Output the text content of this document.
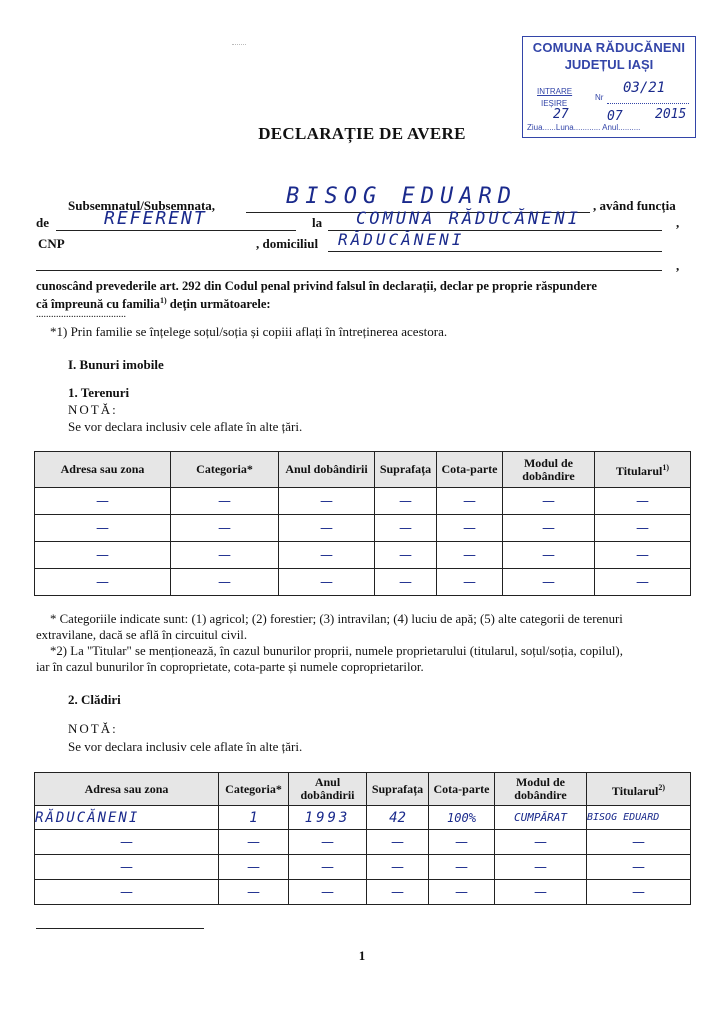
COMUNA RĂDUCĂNENI
JUDEȚUL IAȘI
INTRARE
IEȘIRE
Nr
03/21
Ziua......Luna............ Anul..........
27	07 2015
DECLARAȚIE DE AVERE
Subsemnatul/Subsemnata,	BISOG EDUARD	, având funcția
de	REFERENT	la COMUNA RĂDUCĂNENI	,
CNP	, domiciliul RĂDUCĂNENI
,
cunoscând prevederile art. 292 din Codul penal privind falsul în declarații, declar pe proprie răspundere
că împreună cu familia$^{1)}$ dețin următoarele:
....................................
*1) Prin familie se înțelege soțul/soția și copiii aflați în întreținerea acestora.
I. Bunuri imobile
1. Terenuri
NOTĂ:
Se vor declara inclusiv cele aflate în alte țări.
Adresa sau zona	Categoria*	Anul dobândirii	Suprafața	Cota-parte	Modul de dobândire	Titularul$^{1)}$
—	—	—	—	—	—	—
—	—	—	—	—	—	—
—	—	—	—	—	—	—
—	—	—	—	—	—	—
* Categoriile indicate sunt: (1) agricol; (2) forestier; (3) intravilan; (4) luciu de apă; (5) alte categorii de terenuri
extravilane, dacă se află în circuitul civil.
*2) La "Titular" se menționează, în cazul bunurilor proprii, numele proprietarului (titularul, soțul/soția, copilul),
iar în cazul bunurilor în coproprietate, cota-parte și numele coproprietarilor.
2. Clădiri
NOTĂ:
Se vor declara inclusiv cele aflate în alte țări.
Adresa sau zona	Categoria*	Anul dobândirii	Suprafața	Cota-parte	Modul de dobândire	Titularul$^{2)}$
RĂDUCĂNENI	1	1993	42	100%	CUMPĂRAT	BISOG EDUARD
—	—	—	—	—	—	—
—	—	—	—	—	—	—
—	—	—	—	—	—	—
1
